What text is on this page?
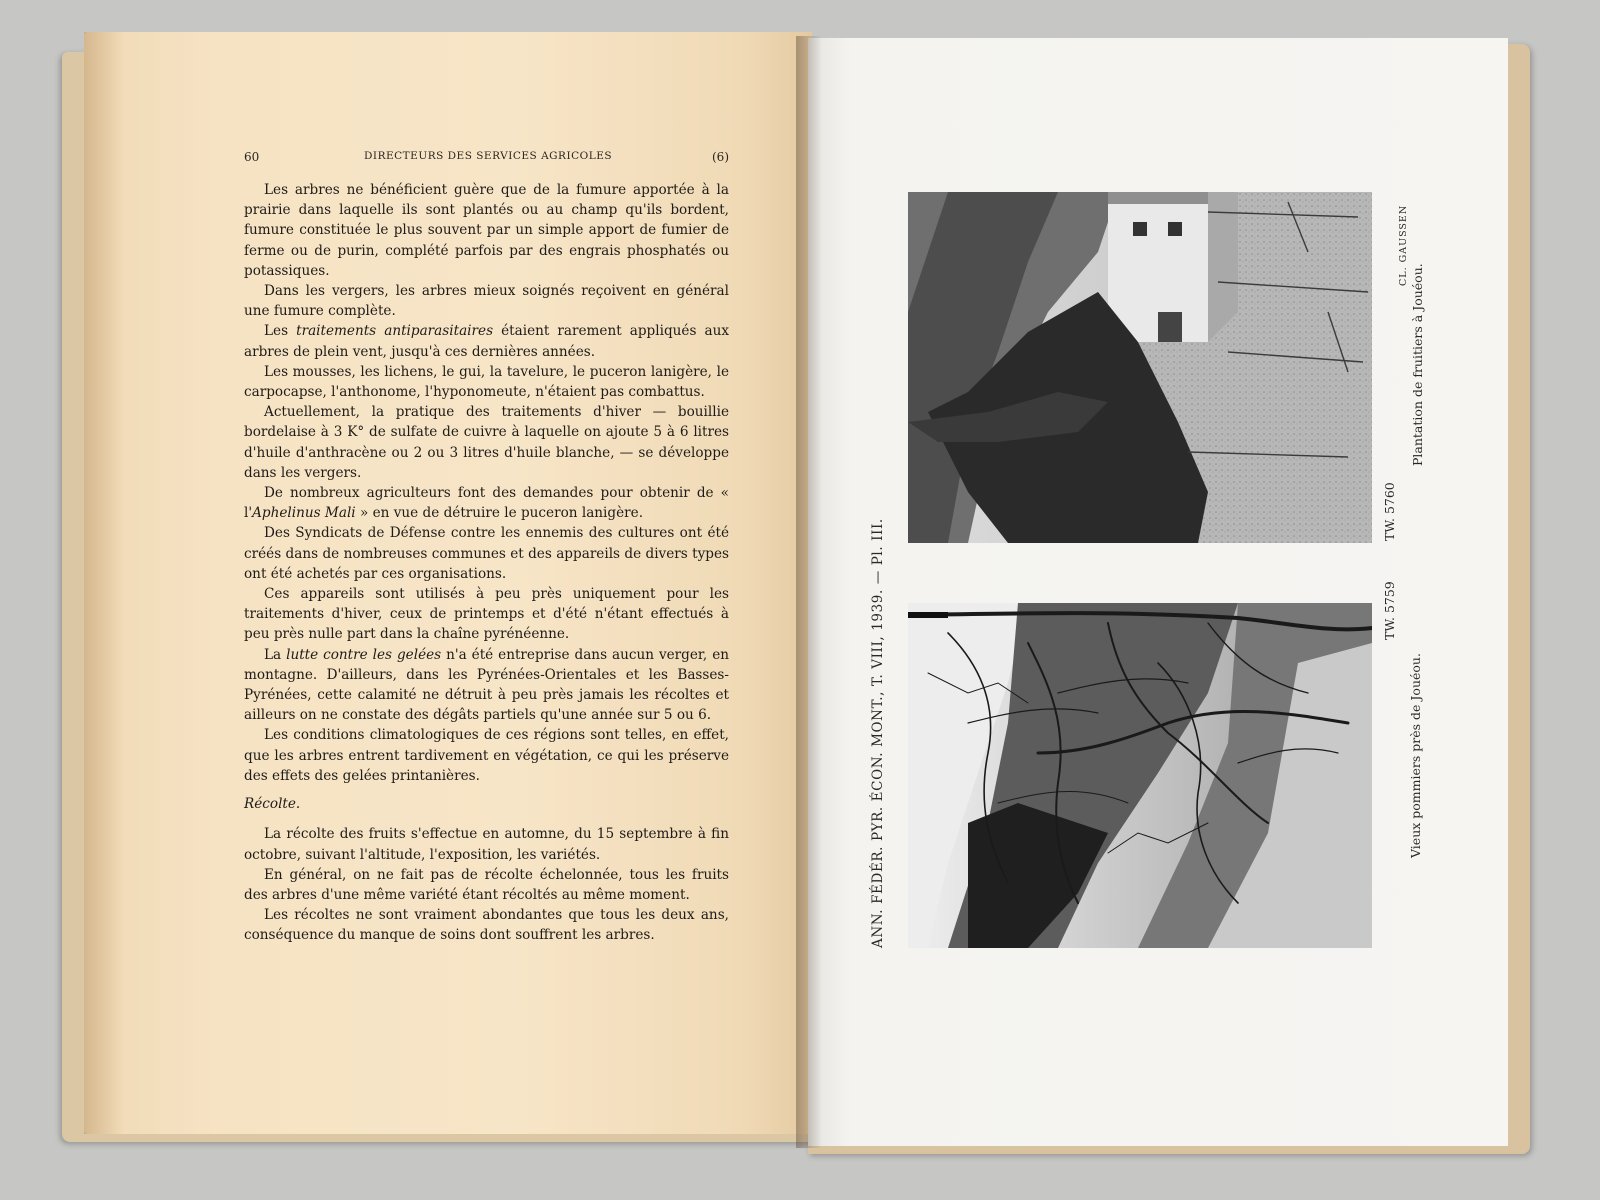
60	DIRECTEURS DES SERVICES AGRICOLES	(6)

Les arbres ne bénéficient guère que de la fumure apportée à la prairie dans laquelle ils sont plantés ou au champ qu'ils bordent, fumure constituée le plus souvent par un simple apport de fumier de ferme ou de purin, complété parfois par des engrais phosphatés ou potassiques.

Dans les vergers, les arbres mieux soignés reçoivent en général une fumure complète.

Les traitements antiparasitaires étaient rarement appliqués aux arbres de plein vent, jusqu'à ces dernières années.

Les mousses, les lichens, le gui, la tavelure, le puceron lanigère, le carpocapse, l'anthonome, l'hyponomeute, n'étaient pas combattus.

Actuellement, la pratique des traitements d'hiver — bouillie bordelaise à 3 K° de sulfate de cuivre à laquelle on ajoute 5 à 6 litres d'huile d'anthracène ou 2 ou 3 litres d'huile blanche, — se développe dans les vergers.

De nombreux agriculteurs font des demandes pour obtenir de « l'Aphelinus Mali » en vue de détruire le puceron lanigère.

Des Syndicats de Défense contre les ennemis des cultures ont été créés dans de nombreuses communes et des appareils de divers types ont été achetés par ces organisations.

Ces appareils sont utilisés à peu près uniquement pour les traitements d'hiver, ceux de printemps et d'été n'étant effectués à peu près nulle part dans la chaîne pyrénéenne.

La lutte contre les gelées n'a été entreprise dans aucun verger, en montagne. D'ailleurs, dans les Pyrénées-Orientales et les Basses-Pyrénées, cette calamité ne détruit à peu près jamais les récoltes et ailleurs on ne constate des dégâts partiels qu'une année sur 5 ou 6.

Les conditions climatologiques de ces régions sont telles, en effet, que les arbres entrent tardivement en végétation, ce qui les préserve des effets des gelées printanières.

Récolte.

La récolte des fruits s'effectue en automne, du 15 septembre à fin octobre, suivant l'altitude, l'exposition, les variétés.

En général, on ne fait pas de récolte échelonnée, tous les fruits des arbres d'une même variété étant récoltés au même moment.

Les récoltes ne sont vraiment abondantes que tous les deux ans, conséquence du manque de soins dont souffrent les arbres.	ANN. FÉDÉR. PYR. ÉCON. MONT., T. VIII, 1939. — Pl. III.	TW. 5759
Vieux pommiers près de Jouéou.
TW. 5760
Plantation de fruitiers à Jouéou.
CL. GAUSSEN
